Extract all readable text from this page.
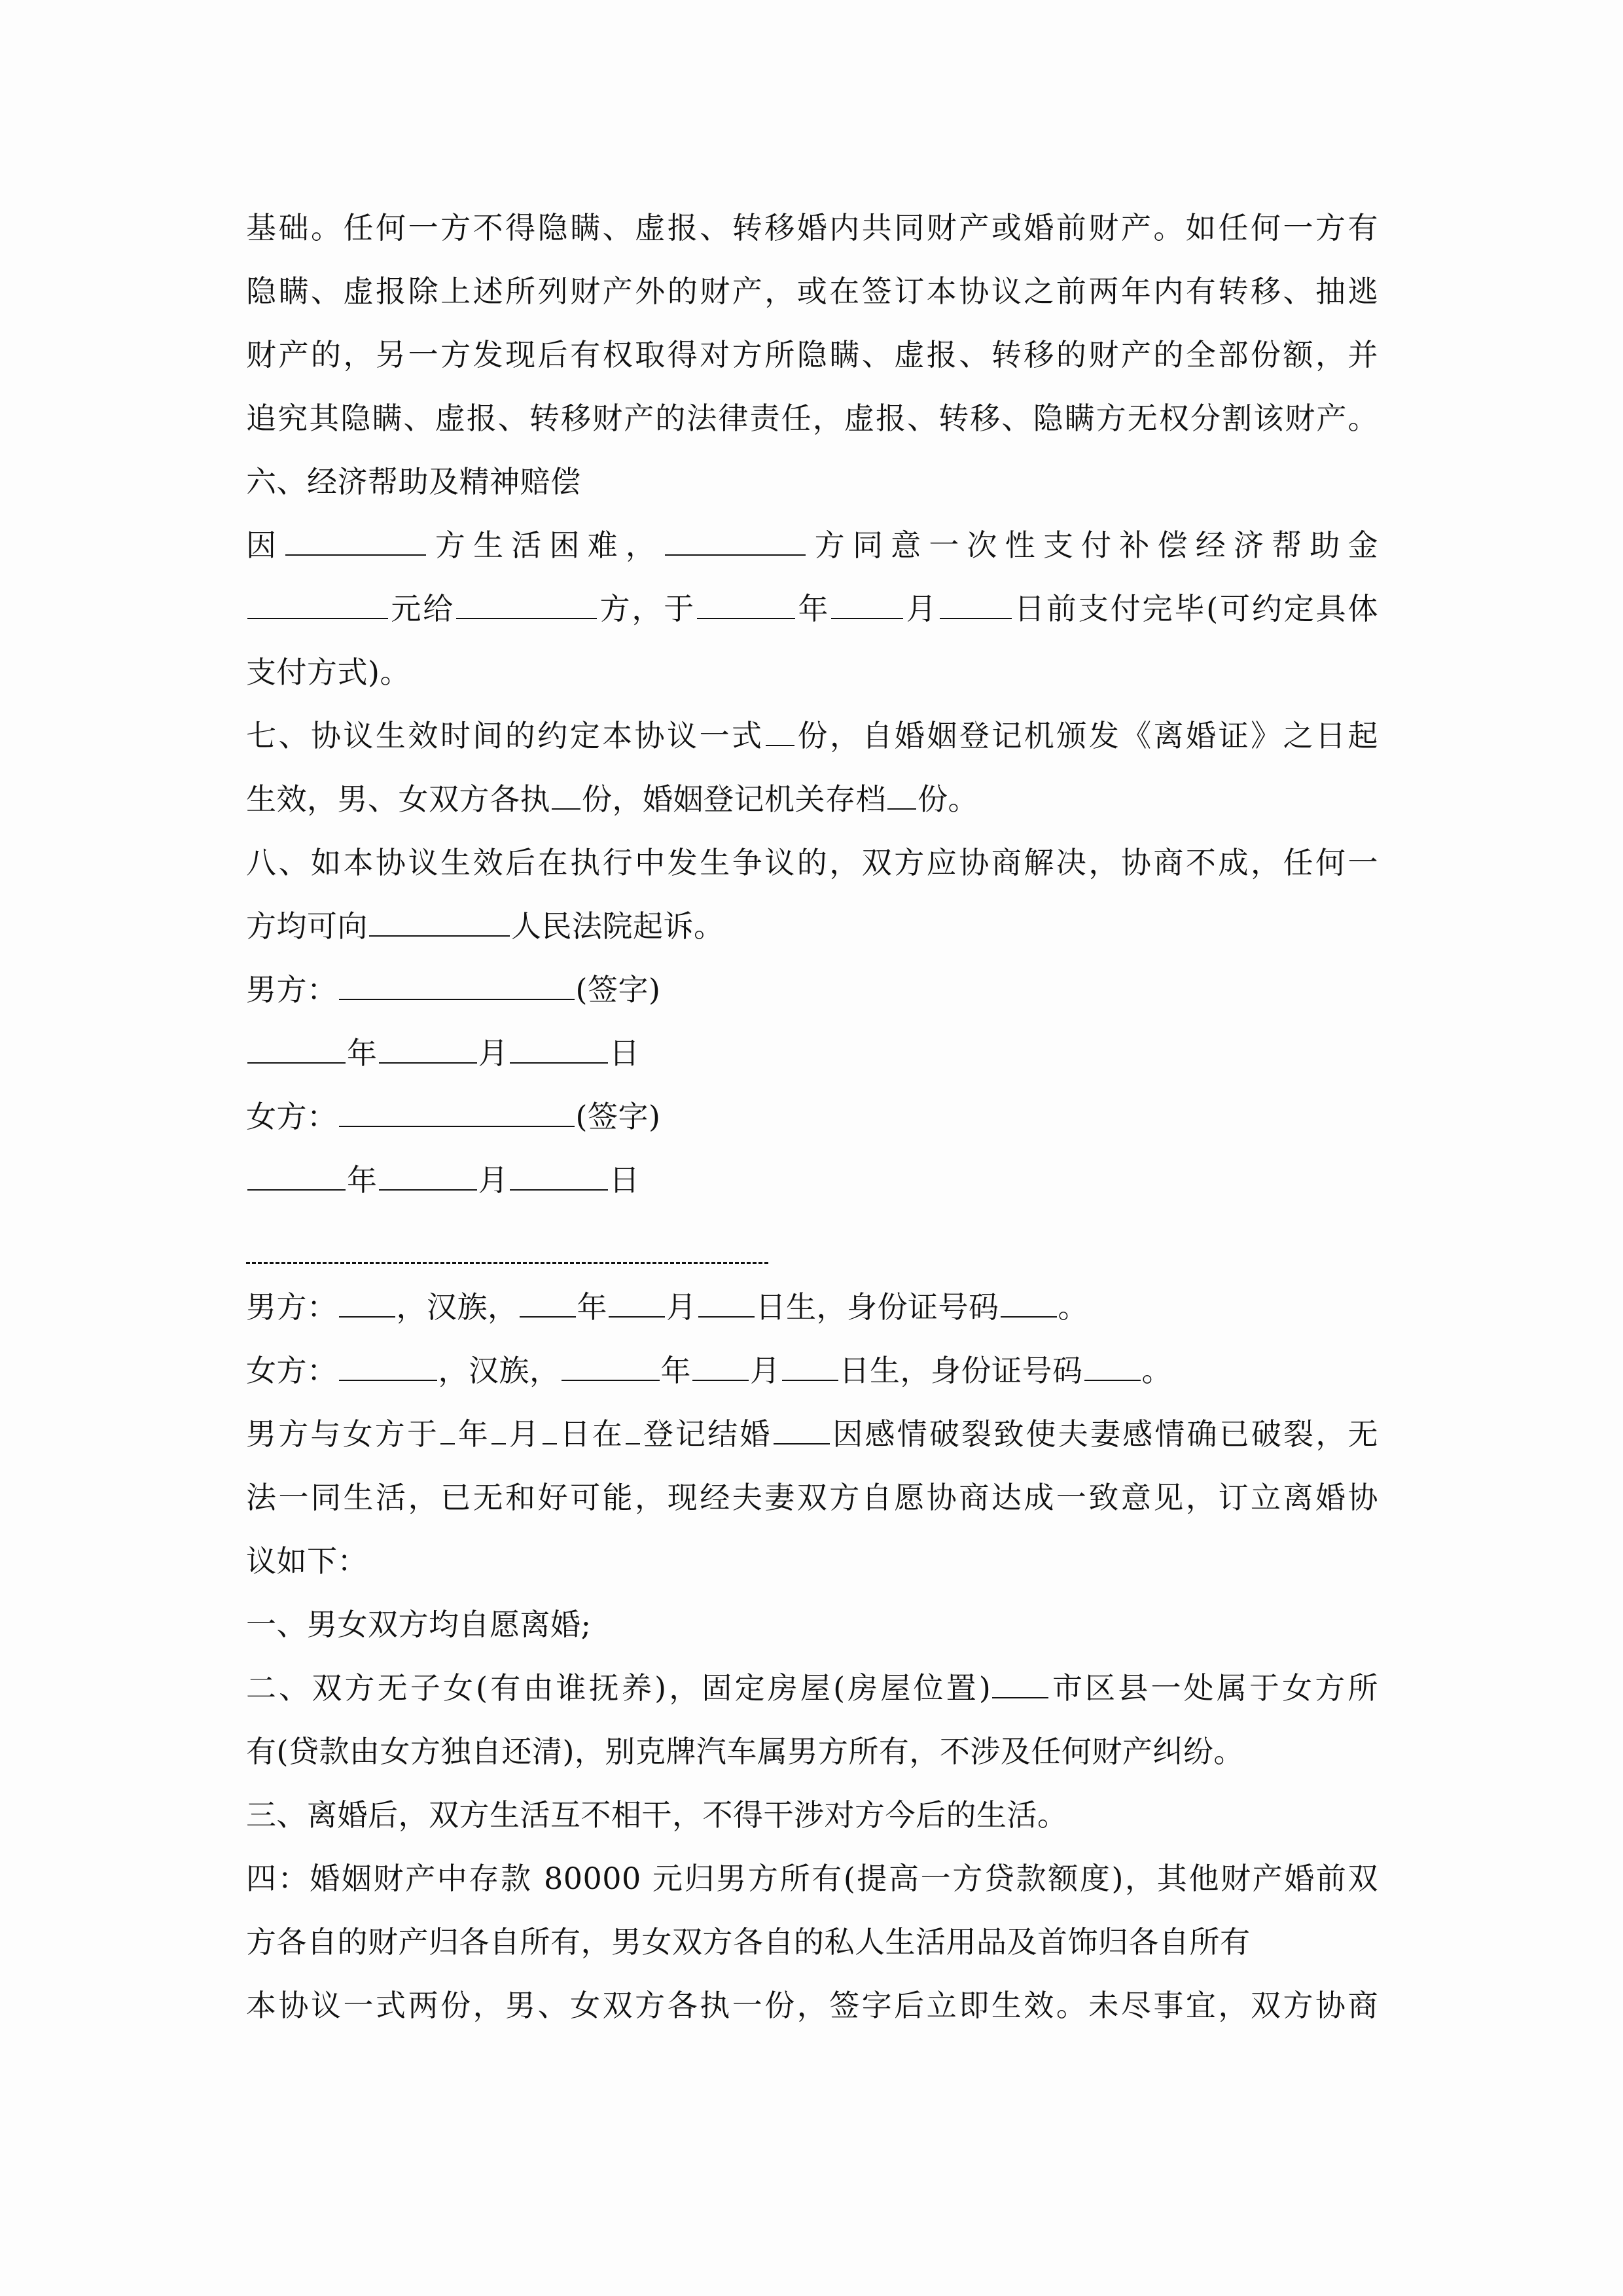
基础。任何一方不得隐瞒、虚报、转移婚内共同财产或婚前财产。如任何一方有
隐瞒、虚报除上述所列财产外的财产，或在签订本协议之前两年内有转移、抽逃
财产的，另一方发现后有权取得对方所隐瞒、虚报、转移的财产的全部份额，并
追究其隐瞒、虚报、转移财产的法律责任，虚报、转移、隐瞒方无权分割该财产。
六、经济帮助及精神赔偿
因	方生活困难，	方同意一次性支付补偿经济帮助金
元给	方，于	年 月 日前支付完毕(可约定具体
支付方式)。
七、协议生效时间的约定本协议一式 份，自婚姻登记机颁发《离婚证》之日起
生效，男、女双方各执 份，婚姻登记机关存档 份。
八、如本协议生效后在执行中发生争议的，双方应协商解决，协商不成，任何一
方均可向	人民法院起诉。
男方：	(签字)
年	月	日
女方：	(签字)
年	月	日
男方： ，汉族， 年 月 日生，身份证号码 。
女方：	，汉族，	年 月 日生，身份证号码 。
男方与女方于 年 月 日在 登记结婚 因感情破裂致使夫妻感情确已破裂，无
法一同生活，已无和好可能，现经夫妻双方自愿协商达成一致意见，订立离婚协
议如下：
一、男女双方均自愿离婚;
二、双方无子女(有由谁抚养)，固定房屋(房屋位置) 市区县一处属于女方所
有(贷款由女方独自还清)，别克牌汽车属男方所有，不涉及任何财产纠纷。
三、离婚后，双方生活互不相干，不得干涉对方今后的生活。
四：婚姻财产中存款 80000 元归男方所有(提高一方贷款额度)，其他财产婚前双
方各自的财产归各自所有，男女双方各自的私人生活用品及首饰归各自所有
本协议一式两份，男、女双方各执一份，签字后立即生效。未尽事宜，双方协商
